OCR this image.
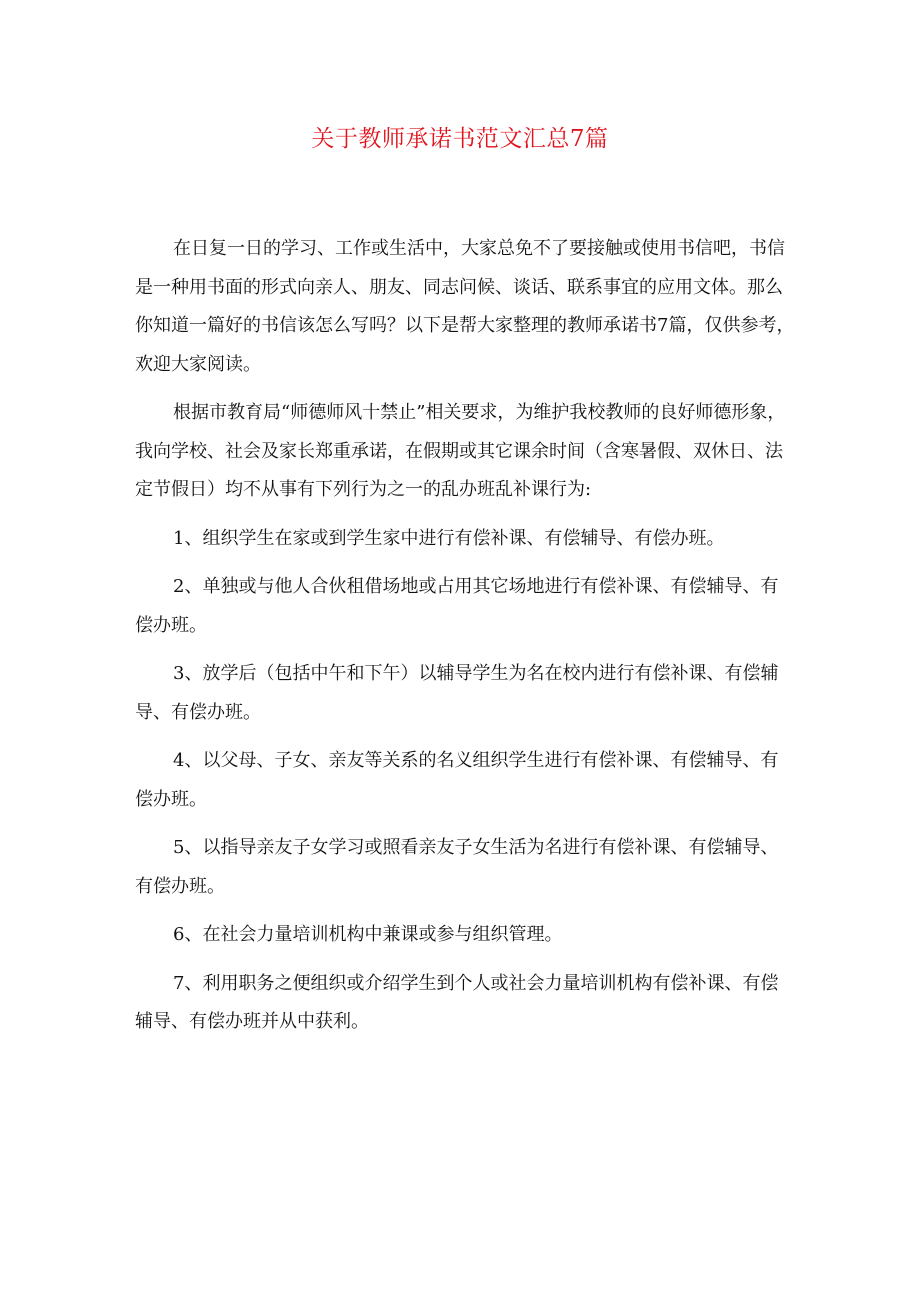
关于教师承诺书范文汇总7篇

在日复一日的学习、工作或生活中，大家总免不了要接触或使用书信吧，书信是一种用书面的形式向亲人、朋友、同志问候、谈话、联系事宜的应用文体。那么你知道一篇好的书信该怎么写吗？以下是帮大家整理的教师承诺书7篇，仅供参考，欢迎大家阅读。

根据市教育局“师德师风十禁止”相关要求，为维护我校教师的良好师德形象，我向学校、社会及家长郑重承诺，在假期或其它课余时间（含寒暑假、双休日、法定节假日）均不从事有下列行为之一的乱办班乱补课行为:

1、组织学生在家或到学生家中进行有偿补课、有偿辅导、有偿办班。

2、单独或与他人合伙租借场地或占用其它场地进行有偿补课、有偿辅导、有偿办班。

3、放学后（包括中午和下午）以辅导学生为名在校内进行有偿补课、有偿辅导、有偿办班。

4、以父母、子女、亲友等关系的名义组织学生进行有偿补课、有偿辅导、有偿办班。

5、以指导亲友子女学习或照看亲友子女生活为名进行有偿补课、有偿辅导、有偿办班。

6、在社会力量培训机构中兼课或参与组织管理。

7、利用职务之便组织或介绍学生到个人或社会力量培训机构有偿补课、有偿辅导、有偿办班并从中获利。
